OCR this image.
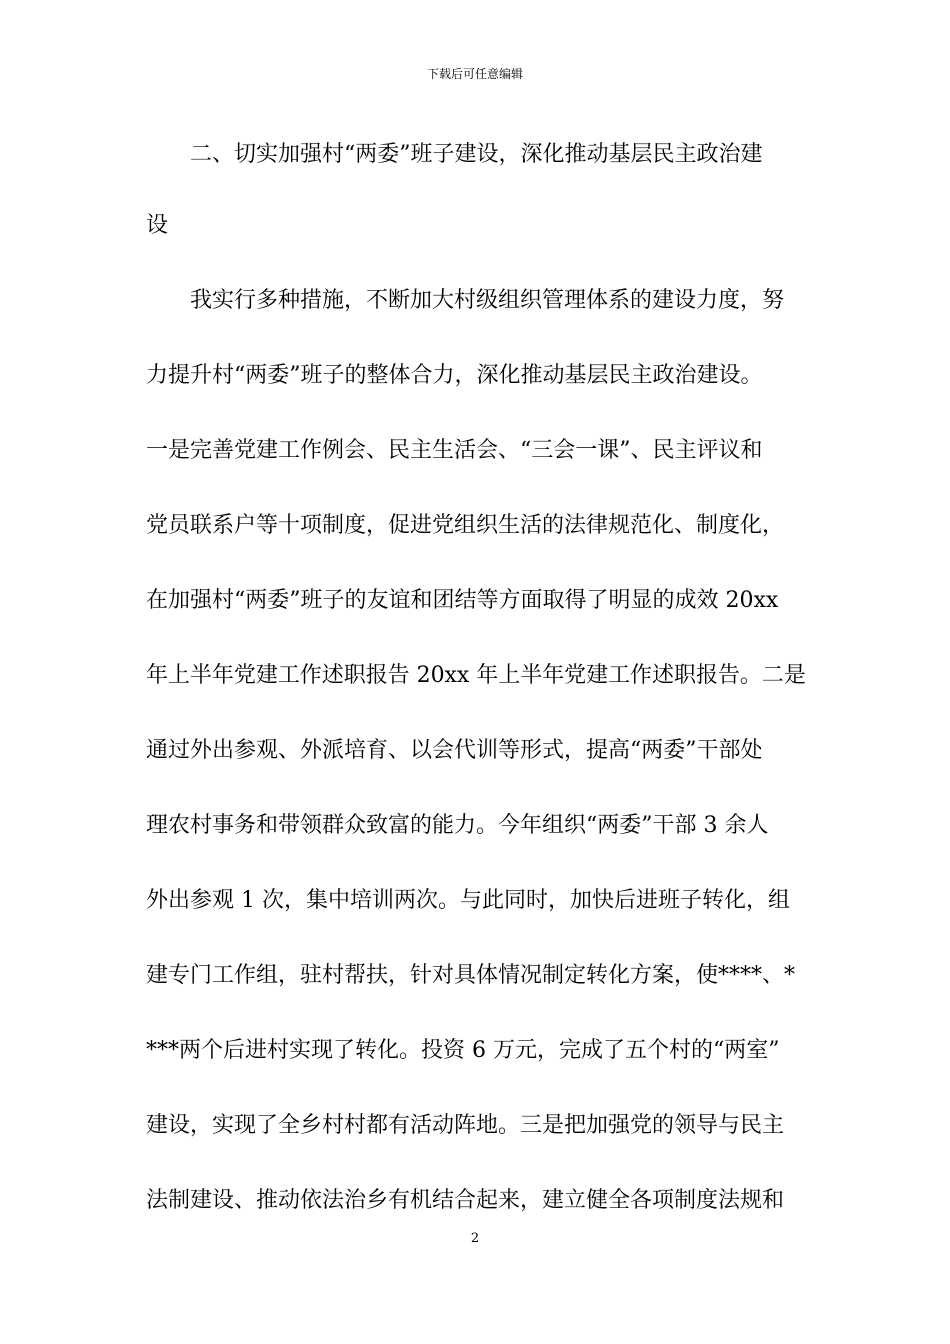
下载后可任意编辑
　　二、切实加强村“两委”班子建设，深化推动基层民主政治建
设
　　我实行多种措施，不断加大村级组织管理体系的建设力度，努
力提升村“两委”班子的整体合力，深化推动基层民主政治建设。
一是完善党建工作例会、民主生活会、“三会一课”、民主评议和
党员联系户等十项制度，促进党组织生活的法律规范化、制度化，
在加强村“两委”班子的友谊和团结等方面取得了明显的成效 20xx
年上半年党建工作述职报告 20xx 年上半年党建工作述职报告。二是
通过外出参观、外派培育、以会代训等形式，提高“两委”干部处
理农村事务和带领群众致富的能力。今年组织“两委”干部 3 余人
外出参观 1 次，集中培训两次。与此同时，加快后进班子转化，组
建专门工作组，驻村帮扶，针对具体情况制定转化方案，使****、*
***两个后进村实现了转化。投资 6 万元，完成了五个村的“两室”
建设，实现了全乡村村都有活动阵地。三是把加强党的领导与民主
法制建设、推动依法治乡有机结合起来，建立健全各项制度法规和
2
